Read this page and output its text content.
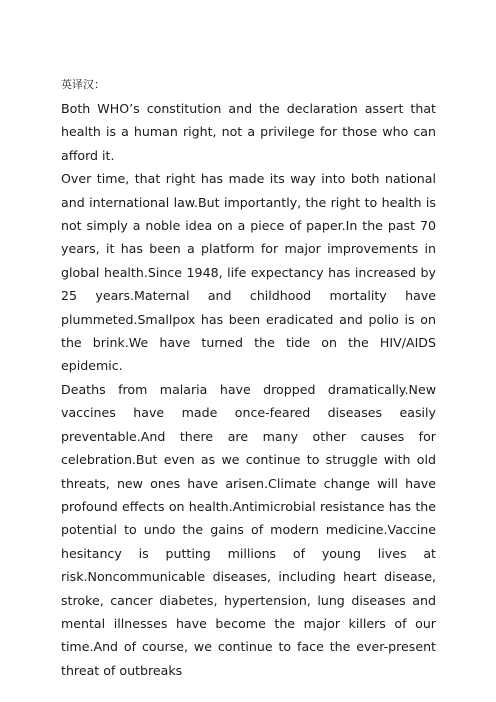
英译汉：

Both WHO’s constitution and the declaration assert that health is a human right, not a privilege for those who can afford it.

Over time, that right has made its way into both national and international law.But importantly, the right to health is not simply a noble idea on a piece of paper.In the past 70 years, it has been a platform for major improvements in global health.Since 1948, life expectancy has increased by 25 years.Maternal and childhood mortality have plummeted.Smallpox has been eradicated and polio is on the brink.We have turned the tide on the HIV/AIDS epidemic.

Deaths from malaria have dropped dramatically.New vaccines have made once-feared diseases easily preventable.And there are many other causes for celebration.But even as we continue to struggle with old threats, new ones have arisen.Climate change will have profound effects on health.Antimicrobial resistance has the potential to undo the gains of modern medicine.Vaccine hesitancy is putting millions of young lives at risk.Noncommunicable diseases, including heart disease, stroke, cancer diabetes, hypertension, lung diseases and mental illnesses have become the major killers of our time.And of course, we continue to face the ever-present threat of outbreaks
